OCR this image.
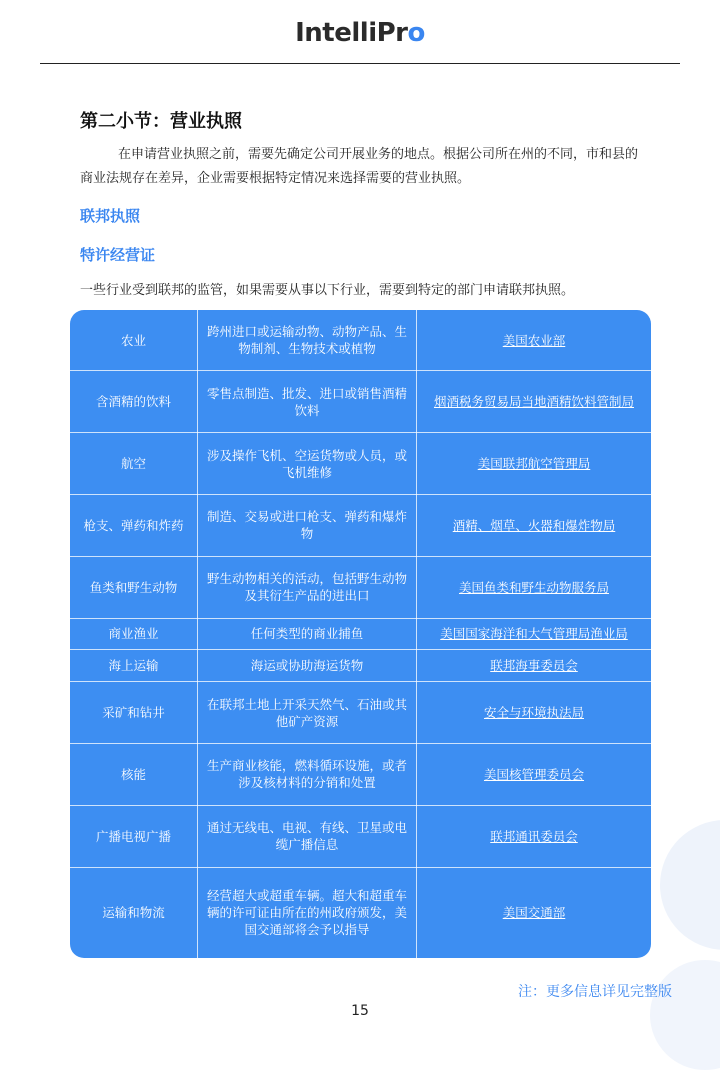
IntelliPro
第二小节：营业执照
在申请营业执照之前，需要先确定公司开展业务的地点。根据公司所在州的不同，市和县的商业法规存在差异，企业需要根据特定情况来选择需要的营业执照。
联邦执照
特许经营证
一些行业受到联邦的监管，如果需要从事以下行业，需要到特定的部门申请联邦执照。
农业	跨州进口或运输动物、动物产品、生物制剂、生物技术或植物	美国农业部
含酒精的饮料	零售点制造、批发、进口或销售酒精饮料	烟酒税务贸易局当地酒精饮料管制局
航空	涉及操作飞机、空运货物或人员，或飞机维修	美国联邦航空管理局
枪支、弹药和炸药	制造、交易或进口枪支、弹药和爆炸物	酒精、烟草、火器和爆炸物局
鱼类和野生动物	野生动物相关的活动，包括野生动物及其衍生产品的进出口	美国鱼类和野生动物服务局
商业渔业	任何类型的商业捕鱼	美国国家海洋和大气管理局渔业局
海上运输	海运或协助海运货物	联邦海事委员会
采矿和钻井	在联邦土地上开采天然气、石油或其他矿产资源	安全与环境执法局
核能	生产商业核能，燃料循环设施，或者涉及核材料的分销和处置	美国核管理委员会
广播电视广播	通过无线电、电视、有线、卫星或电缆广播信息	联邦通讯委员会
运输和物流	经营超大或超重车辆。超大和超重车辆的许可证由所在的州政府颁发，美国交通部将会予以指导	美国交通部
注：更多信息详见完整版
15
